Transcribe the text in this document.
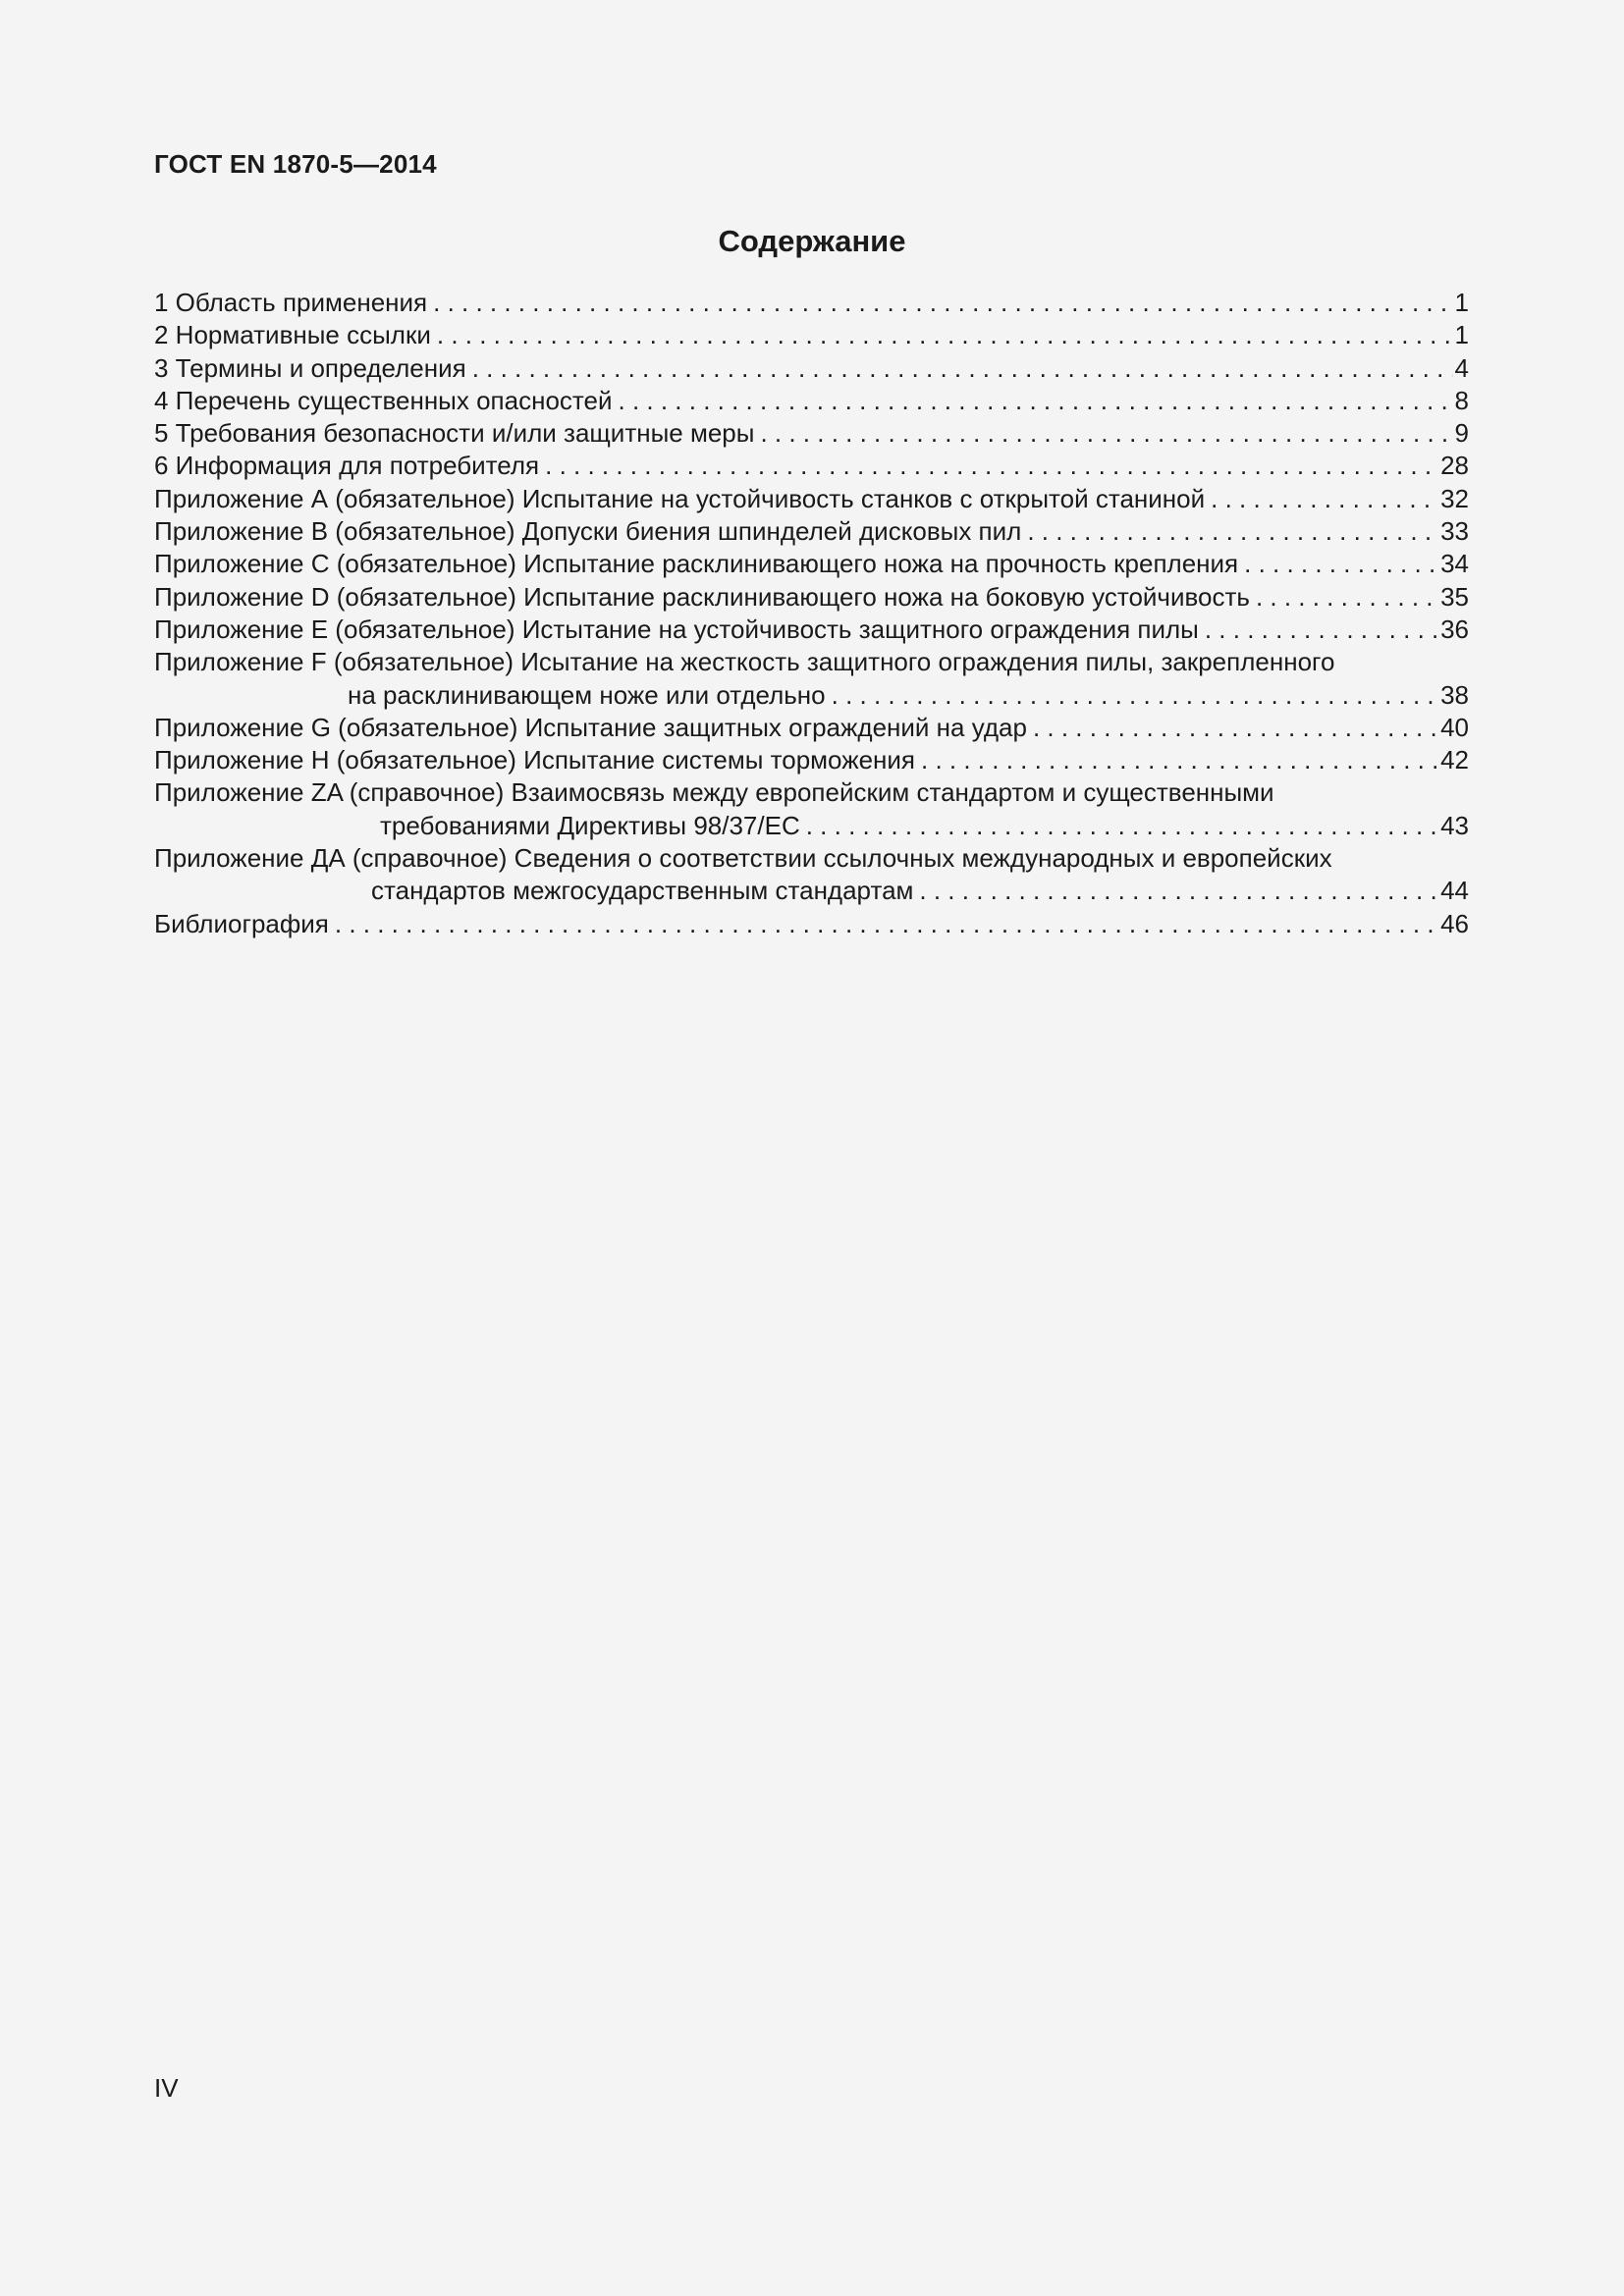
ГОСТ EN 1870-5—2014
Содержание
1 Область применения . . .	1
2 Нормативные ссылки . . .	1
3 Термины и определения . . .	4
4 Перечень существенных опасностей . . .	8
5 Требования безопасности и/или защитные меры . . .	9
6 Информация для потребителя . . .	28
Приложение А (обязательное) Испытание на устойчивость станков с открытой станиной . . .	32
Приложение В (обязательное) Допуски биения шпинделей дисковых пил . . .	33
Приложение С (обязательное) Испытание расклинивающего ножа на прочность крепления . . .	34
Приложение D (обязательное) Испытание расклинивающего ножа на боковую устойчивость . . .	35
Приложение Е (обязательное) Истытание на устойчивость защитного ограждения пилы . . .	36
Приложение F (обязательное) Исытание на жесткость защитного ограждения пилы, закрепленного
на расклинивающем ноже или отдельно . . .	38
Приложение G (обязательное) Испытание защитных ограждений на удар . . .	40
Приложение Н (обязательное) Испытание системы торможения . . .	42
Приложение ZA (справочное) Взаимосвязь между европейским стандартом и существенными
требованиями Директивы 98/37/ЕС . . .	43
Приложение ДА (справочное) Сведения о соответствии ссылочных международных и европейских
стандартов межгосударственным стандартам . . .	44
Библиография . . .	46
IV
